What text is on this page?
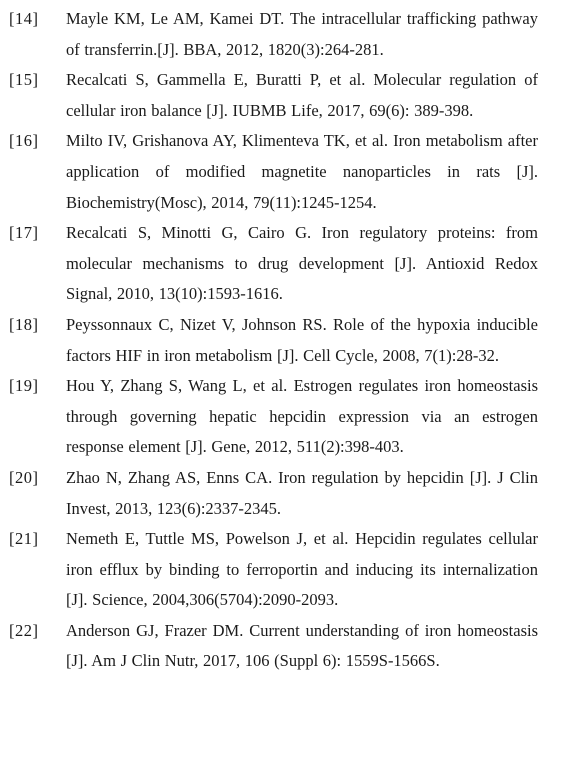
[14]	Mayle KM, Le AM, Kamei DT. The intracellular trafficking pathway of transferrin.[J]. BBA, 2012, 1820(3):264-281.
[15]	Recalcati S, Gammella E, Buratti P, et al. Molecular regulation of cellular iron balance [J]. IUBMB Life, 2017, 69(6): 389-398.
[16]	Milto IV, Grishanova AY, Klimenteva TK, et al. Iron metabolism after application of modified magnetite nanoparticles in rats [J]. Biochemistry(Mosc), 2014, 79(11):1245-1254.
[17]	Recalcati S, Minotti G, Cairo G. Iron regulatory proteins: from molecular mechanisms to drug development [J]. Antioxid Redox Signal, 2010, 13(10):1593-1616.
[18]	Peyssonnaux C, Nizet V, Johnson RS. Role of the hypoxia inducible factors HIF in iron metabolism [J]. Cell Cycle, 2008, 7(1):28-32.
[19]	Hou Y, Zhang S, Wang L, et al. Estrogen regulates iron homeostasis through governing hepatic hepcidin expression via an estrogen response element [J]. Gene, 2012, 511(2):398-403.
[20]	Zhao N, Zhang AS, Enns CA. Iron regulation by hepcidin [J]. J Clin Invest, 2013, 123(6):2337-2345.
[21]	Nemeth E, Tuttle MS, Powelson J, et al. Hepcidin regulates cellular iron efflux by binding to ferroportin and inducing its internalization [J]. Science, 2004,306(5704):2090-2093.
[22]	Anderson GJ, Frazer DM. Current understanding of iron homeostasis [J]. Am J Clin Nutr, 2017, 106 (Suppl 6): 1559S-1566S.
